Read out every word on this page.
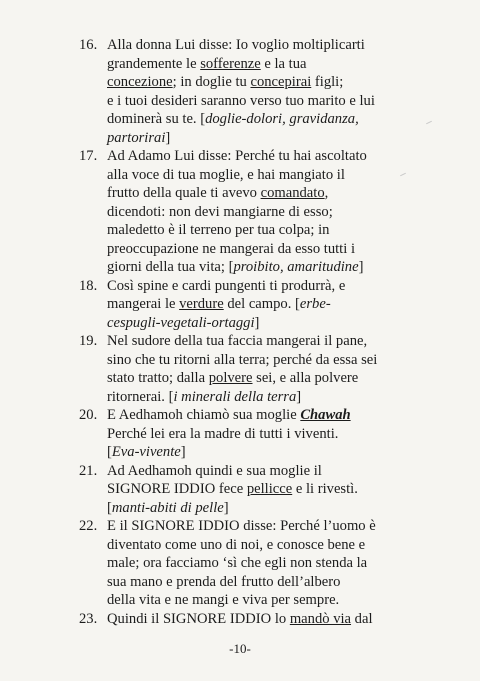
16. Alla donna Lui disse: Io voglio moltiplicarti
grandemente le sofferenze e la tua
concezione; in doglie tu concepirai figli;
e i tuoi desideri saranno verso tuo marito e lui
dominerà su te. [doglie-dolori, gravidanza,
partorirai]
17. Ad Adamo Lui disse: Perché tu hai ascoltato
alla voce di tua moglie, e hai mangiato il
frutto della quale ti avevo comandato,
dicendoti: non devi mangiarne di esso;
maledetto è il terreno per tua colpa; in
preoccupazione ne mangerai da esso tutti i
giorni della tua vita; [proibito, amaritudine]
18. Così spine e cardi pungenti ti produrrà, e
mangerai le verdure del campo. [erbe-
cespugli-vegetali-ortaggi]
19. Nel sudore della tua faccia mangerai il pane,
sino che tu ritorni alla terra; perché da essa sei
stato tratto; dalla polvere sei, e alla polvere
ritornerai. [i minerali della terra]
20. E Aedhamoh chiamò sua moglie Chawah
Perché lei era la madre di tutti i viventi.
[Eva-vivente]
21. Ad Aedhamoh quindi e sua moglie il
SIGNORE IDDIO fece pellicce e li rivestì.
[manti-abiti di pelle]
22. E il SIGNORE IDDIO disse: Perché l’uomo è
diventato come uno di noi, e conosce bene e
male; ora facciamo ‘sì che egli non stenda la
sua mano e prenda del frutto dell’albero
della vita e ne mangi e viva per sempre.
23. Quindi il SIGNORE IDDIO lo mandò via dal
-10-
